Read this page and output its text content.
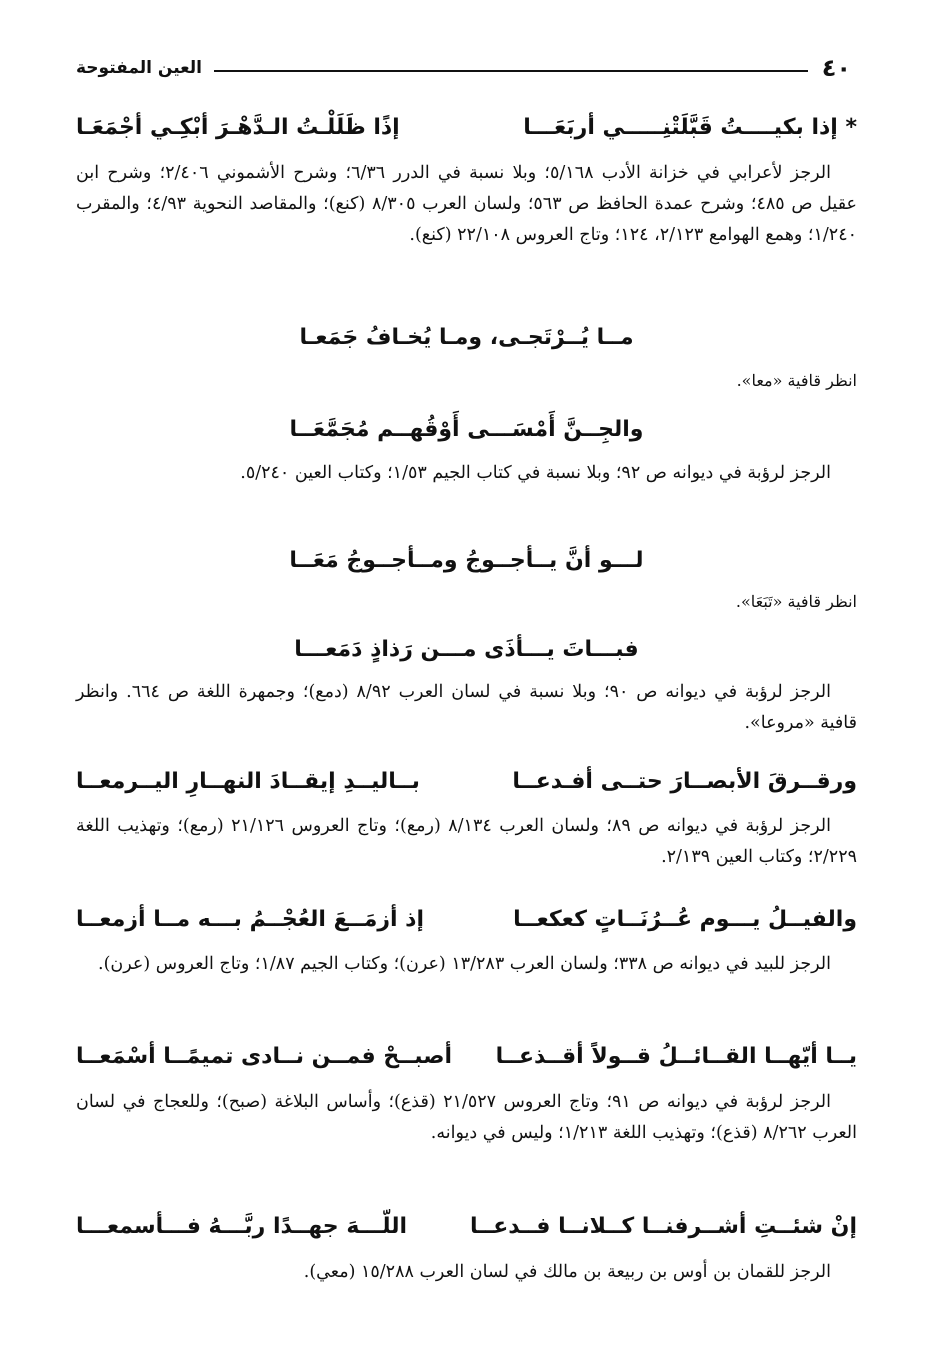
٤٠
العين المفتوحة
* إذا بكيــــتُ قَبَّلَتْنِـــــي أربَعَـــا
إذًا ظَلَلْـتُ الـدَّهْـرَ أبْكِـي أجْمَعَـا
الرجز لأعرابي في خزانة الأدب ٥/١٦٨؛ وبلا نسبة في الدرر ٦/٣٦؛ وشرح الأشموني ٢/٤٠٦؛ وشرح ابن عقيل ص ٤٨٥؛ وشرح عمدة الحافظ ص ٥٦٣؛ ولسان العرب ٨/٣٠٥ (كنع)؛ والمقاصد النحوية ٤/٩٣؛ والمقرب ١/٢٤٠؛ وهمع الهوامع ٢/١٢٣، ١٢٤؛ وتاج العروس ٢٢/١٠٨ (كنع).
مــا يُــرْتَجـى، ومـا يُخـافُ جَمَعـا
انظر قافية «معا».
والجِــنَّ أَمْسَـــى أَوْقُهــم مُجَمَّعَــا
الرجز لرؤبة في ديوانه ص ٩٢؛ وبلا نسبة في كتاب الجيم ١/٥٣؛ وكتاب العين ٥/٢٤٠.
لـــو أنَّ يــأجــوجُ ومــأجــوجُ مَعَــا
انظر قافية «تَبَعَا».
فبـــاتَ يـــأذَى مـــن رَذاذٍ دَمَعـــا
الرجز لرؤبة في ديوانه ص ٩٠؛ وبلا نسبة في لسان العرب ٨/٩٢ (دمع)؛ وجمهرة اللغة ص ٦٦٤. وانظر قافية «مروعا».
ورقــرقَ الأبصــارَ حتــى أفـدعــا
بــاليــدِ إيقــادَ النهــارِ اليــرمعــا
الرجز لرؤبة في ديوانه ص ٨٩؛ ولسان العرب ٨/١٣٤ (رمع)؛ وتاج العروس ٢١/١٢٦ (رمع)؛ وتهذيب اللغة ٢/٢٢٩؛ وكتاب العين ٢/١٣٩.
والفيــلُ يـــوم عُــرُنَــاتٍ كعكعــا
إذ أزمَــعَ العُجْــمُ بـــه مــا أزمعــا
الرجز للبيد في ديوانه ص ٣٣٨؛ ولسان العرب ١٣/٢٨٣ (عرن)؛ وكتاب الجيم ١/٨٧؛ وتاج العروس (عرن).
يــا أيّهــا القــائــلُ قــولاً أقــذعــا
أصبــحْ فمــن نــادى تميمًــا أسْمَعــا
الرجز لرؤبة في ديوانه ص ٩١؛ وتاج العروس ٢١/٥٢٧ (قذع)؛ وأساس البلاغة (صبح)؛ وللعجاج في لسان العرب ٨/٢٦٢ (قذع)؛ وتهذيب اللغة ١/٢١٣؛ وليس في ديوانه.
إنْ شئــتِ أشــرفنــا كــلانــا فــدعــا
اللّـــهَ جهــدًا ربَّـــهُ فـــأسمعـــا
الرجز للقمان بن أوس بن ربيعة بن مالك في لسان العرب ١٥/٢٨٨ (معي).
